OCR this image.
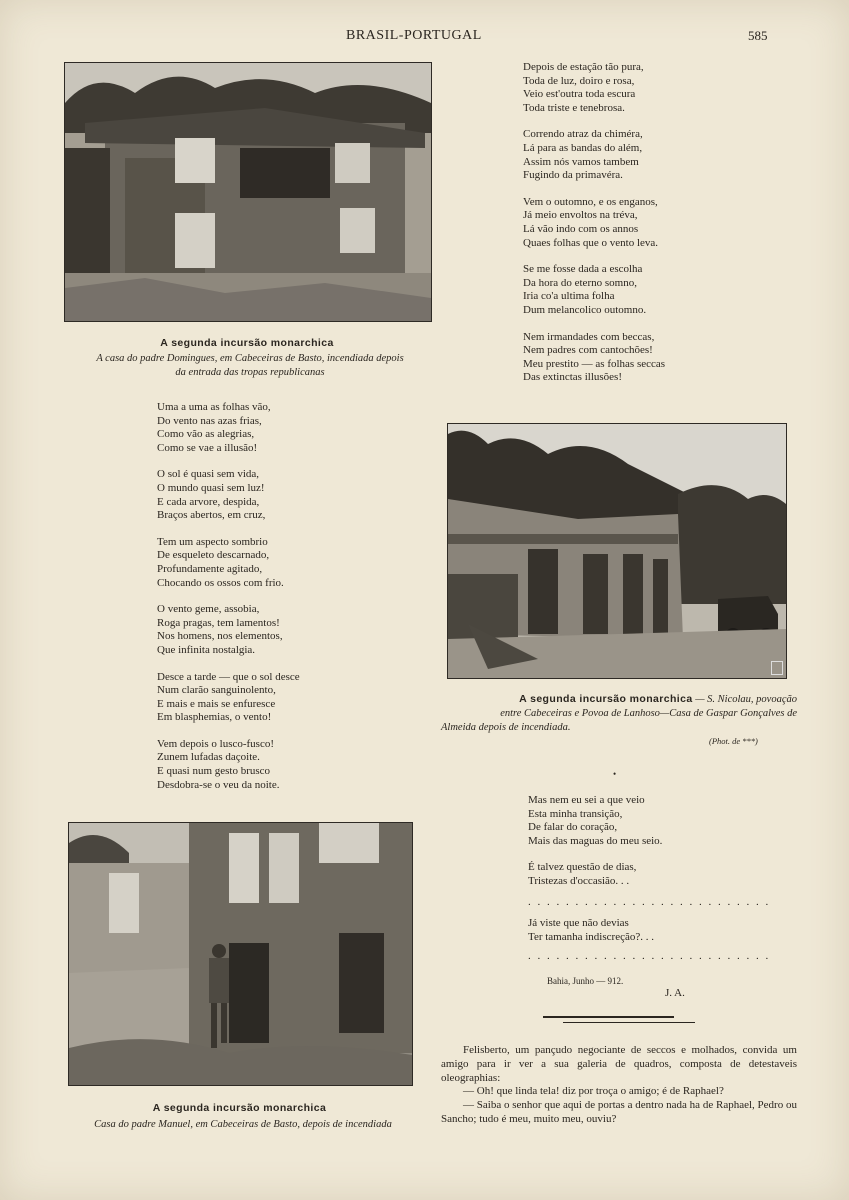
BRASIL-PORTUGAL	585
A segunda incursão monarchica
A casa do padre Domingues, em Cabeceiras de Basto, incendiada depois
da entrada das tropas republicanas
Uma a uma as folhas vão,
Do vento nas azas frias,
Como vão as alegrias,
Como se vae a illusão!
O sol é quasi sem vida,
O mundo quasi sem luz!
E cada arvore, despida,
Braços abertos, em cruz,
Tem um aspecto sombrio
De esqueleto descarnado,
Profundamente agitado,
Chocando os ossos com frio.
O vento geme, assobia,
Roga pragas, tem lamentos!
Nos homens, nos elementos,
Que infinita nostalgia.
Desce a tarde — que o sol desce
Num clarão sanguinolento,
E mais e mais se enfuresce
Em blasphemias, o vento!
Vem depois o lusco-fusco!
Zunem lufadas daçoite.
E quasi num gesto brusco
Desdobra-se o veu da noite.
Depois de estação tão pura,
Toda de luz, doiro e rosa,
Veio est'outra toda escura
Toda triste e tenebrosa.
Correndo atraz da chiméra,
Lá para as bandas do além,
Assim nós vamos tambem
Fugindo da primavéra.
Vem o outomno, e os enganos,
Já meio envoltos na tréva,
Lá vão indo com os annos
Quaes folhas que o vento leva.
Se me fosse dada a escolha
Da hora do eterno somno,
Iria co'a ultima folha
Dum melancolico outomno.
Nem irmandades com beccas,
Nem padres com cantochões!
Meu prestito — as folhas seccas
Das extinctas illusões!
A segunda incursão monarchica — S. Nicolau, povoação
entre Cabeceiras e Povoa de Lanhoso—Casa de Gaspar Gonçalves de
Almeida depois de incendiada.
(Phot. de ***)
•
Mas nem eu sei a que veio
Esta minha transição,
De falar do coração,
Mais das maguas do meu seio.
É talvez questão de dias,
Tristezas d'occasião. . .
. . . . . . . . . . . . . . . . . . . . . . . . . .
Já viste que não devias
Ter tamanha indiscreção?. . .
. . . . . . . . . . . . . . . . . . . . . . . . . .
Bahia, Junho — 912.
J. A.
A segunda incursão monarchica
Casa do padre Manuel, em Cabeceiras de Basto, depois de incendiada

Felisberto, um pançudo negociante de seccos e molhados, convida um amigo para ir ver a sua galeria de quadros, composta de detestaveis oleographias:

— Oh! que linda tela! diz por troça o amigo; é de Raphael?

— Saiba o senhor que aqui de portas a dentro nada ha de Raphael, Pedro ou Sancho; tudo é meu, muito meu, ouviu?
